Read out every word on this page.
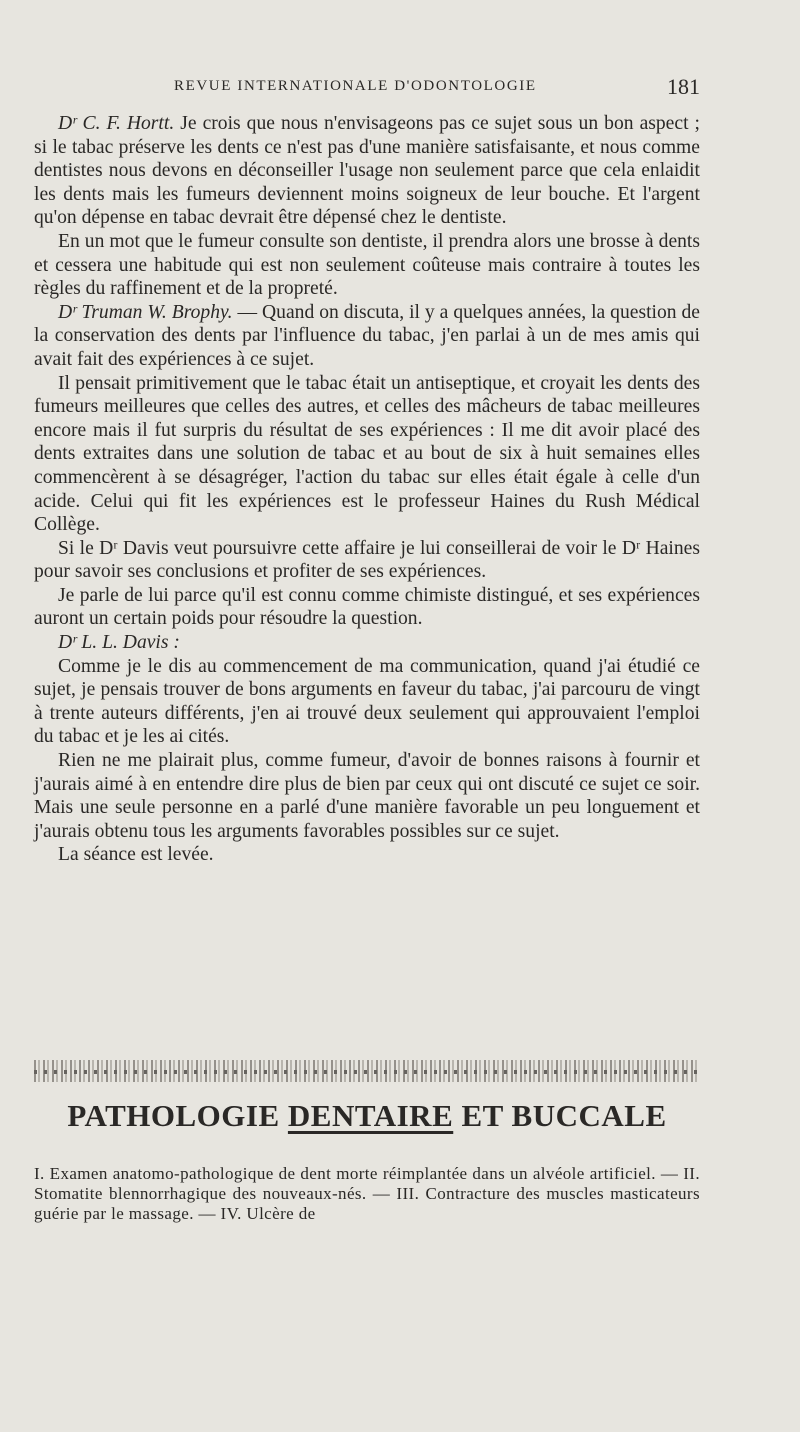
REVUE INTERNATIONALE D'ODONTOLOGIE	181

Dʳ C. F. Hortt. Je crois que nous n'envisageons pas ce sujet sous un bon aspect ; si le tabac préserve les dents ce n'est pas d'une manière satisfaisante, et nous comme dentistes nous devons en déconseiller l'usage non seulement parce que cela enlaidit les dents mais les fumeurs deviennent moins soigneux de leur bouche. Et l'argent qu'on dépense en tabac devrait être dépensé chez le dentiste.

En un mot que le fumeur consulte son dentiste, il prendra alors une brosse à dents et cessera une habitude qui est non seulement coûteuse mais contraire à toutes les règles du raffinement et de la propreté.

Dʳ Truman W. Brophy. — Quand on discuta, il y a quelques années, la question de la conservation des dents par l'influence du tabac, j'en parlai à un de mes amis qui avait fait des expériences à ce sujet.

Il pensait primitivement que le tabac était un antiseptique, et croyait les dents des fumeurs meilleures que celles des autres, et celles des mâcheurs de tabac meilleures encore mais il fut surpris du résultat de ses expériences : Il me dit avoir placé des dents extraites dans une solution de tabac et au bout de six à huit semaines elles commencèrent à se désagréger, l'action du tabac sur elles était égale à celle d'un acide. Celui qui fit les expériences est le professeur Haines du Rush Médical Collège.

Si le Dʳ Davis veut poursuivre cette affaire je lui conseillerai de voir le Dʳ Haines pour savoir ses conclusions et profiter de ses expériences.

Je parle de lui parce qu'il est connu comme chimiste distingué, et ses expériences auront un certain poids pour résoudre la question.

Dʳ L. L. Davis :

Comme je le dis au commencement de ma communication, quand j'ai étudié ce sujet, je pensais trouver de bons arguments en faveur du tabac, j'ai parcouru de vingt à trente auteurs différents, j'en ai trouvé deux seulement qui approuvaient l'emploi du tabac et je les ai cités.

Rien ne me plairait plus, comme fumeur, d'avoir de bonnes raisons à fournir et j'aurais aimé à en entendre dire plus de bien par ceux qui ont discuté ce sujet ce soir. Mais une seule personne en a parlé d'une manière favorable un peu longuement et j'aurais obtenu tous les arguments favorables possibles sur ce sujet.

La séance est levée.

PATHOLOGIE DENTAIRE ET BUCCALE
I. Examen anatomo-pathologique de dent morte réimplantée dans un alvéole artificiel. — II. Stomatite blennorrhagique des nouveaux-nés. — III. Contracture des muscles masticateurs guérie par le massage. — IV. Ulcère de
